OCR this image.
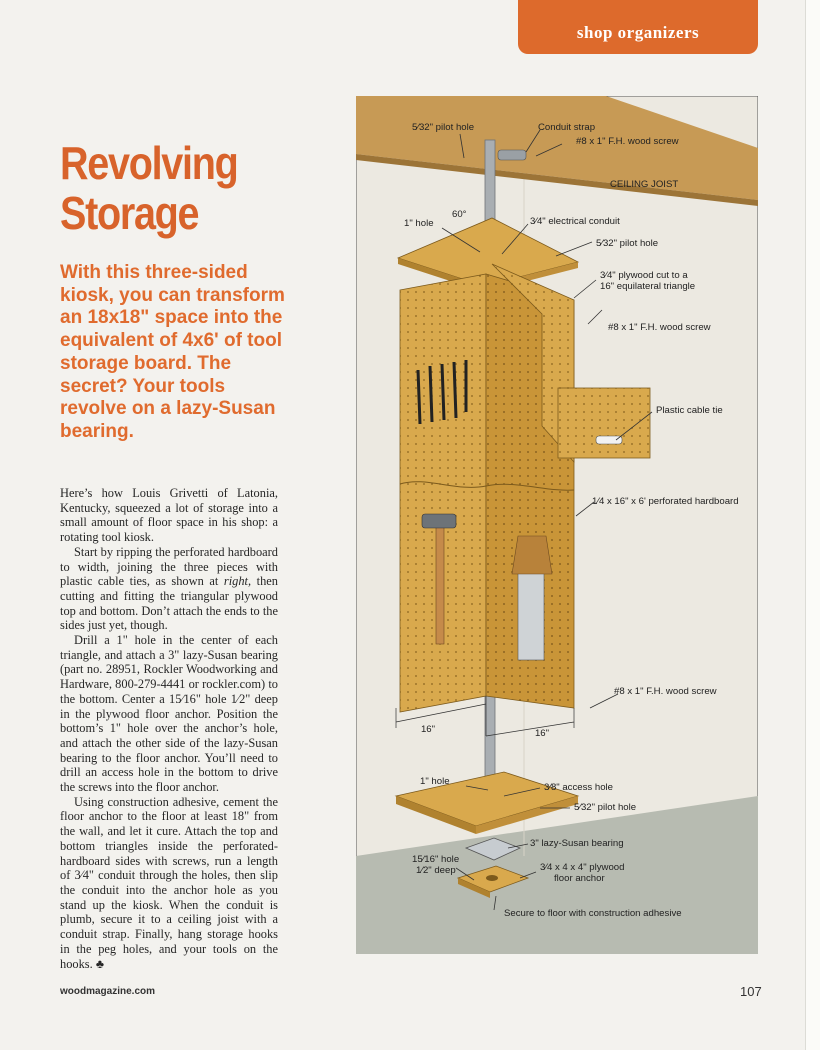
shop organizers
Revolving
Storage

With this three-sided kiosk, you can transform an 18x18" space into the equivalent of 4x6' of tool storage board. The secret? Your tools revolve on a lazy-Susan bearing.

Here’s how Louis Grivetti of Latonia, Kentucky, squeezed a lot of storage into a small amount of floor space in his shop: a rotating tool kiosk.

Start by ripping the perforated hardboard to width, joining the three pieces with plastic cable ties, as shown at right, then cutting and fitting the triangular plywood top and bottom. Don’t attach the ends to the sides just yet, though.

Drill a 1" hole in the center of each triangle, and attach a 3" lazy-Susan bearing (part no. 28951, Rockler Woodworking and Hardware, 800-279-4441 or rockler.com) to the bottom. Center a 15⁄16" hole 1⁄2" deep in the plywood floor anchor. Position the bottom’s 1" hole over the anchor’s hole, and attach the other side of the lazy-Susan bearing to the floor anchor. You’ll need to drill an access hole in the bottom to drive the screws into the floor anchor.

Using construction adhesive, cement the floor anchor to the floor at least 18" from the wall, and let it cure. Attach the top and bottom triangles inside the perforated-hardboard sides with screws, run a length of 3⁄4" conduit through the holes, then slip the conduit into the anchor hole as you stand up the kiosk. When the conduit is plumb, secure it to a ceiling joist with a conduit strap. Finally, hang storage hooks in the peg holes, and your tools on the hooks. ♣

5⁄32" pilot hole	Conduit strap
#8 x 1" F.H. wood screw
CEILING JOIST
1" hole
60°
3⁄4" electrical conduit
5⁄32" pilot hole
3⁄4" plywood cut to a
16" equilateral triangle
#8 x 1" F.H. wood screw
Plastic cable tie
1⁄4 x 16" x 6' perforated hardboard
#8 x 1" F.H. wood screw
16"	16"
1" hole
3⁄8" access hole
5⁄32" pilot hole
3" lazy-Susan bearing
15⁄16" hole
1⁄2" deep	3⁄4 x 4 x 4" plywood
floor anchor
Secure to floor with construction adhesive
woodmagazine.com	107
